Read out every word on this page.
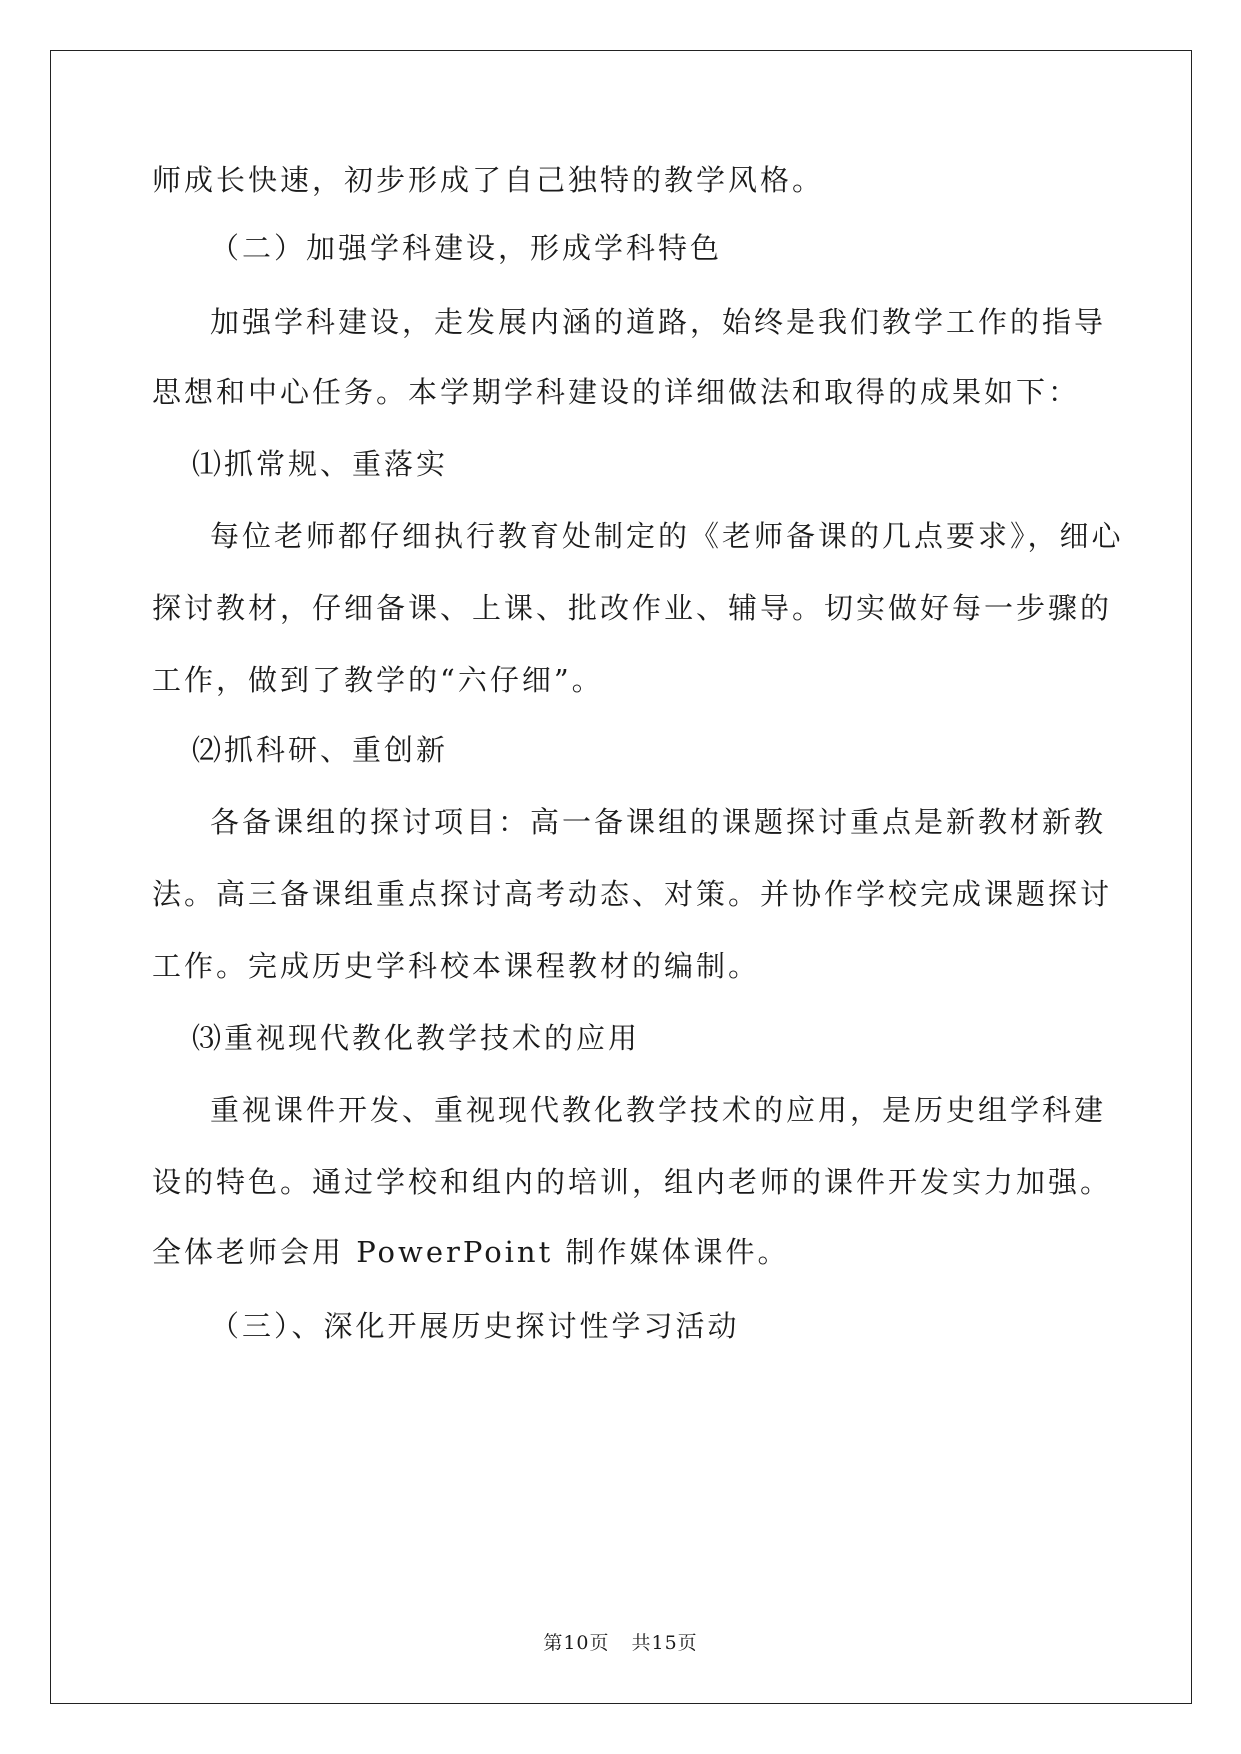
师成长快速，初步形成了自己独特的教学风格。
（二）加强学科建设，形成学科特色
加强学科建设，走发展内涵的道路，始终是我们教学工作的指导
思想和中心任务。本学期学科建设的详细做法和取得的成果如下：
⑴抓常规、重落实
每位老师都仔细执行教育处制定的《老师备课的几点要求》，细心
探讨教材，仔细备课、上课、批改作业、辅导。切实做好每一步骤的
工作，做到了教学的“六仔细”。
⑵抓科研、重创新
各备课组的探讨项目：高一备课组的课题探讨重点是新教材新教
法。高三备课组重点探讨高考动态、对策。并协作学校完成课题探讨
工作。完成历史学科校本课程教材的编制。
⑶重视现代教化教学技术的应用
重视课件开发、重视现代教化教学技术的应用，是历史组学科建
设的特色。通过学校和组内的培训，组内老师的课件开发实力加强。
全体老师会用 PowerPoint 制作媒体课件。
（三）、深化开展历史探讨性学习活动
第10页 共15页
